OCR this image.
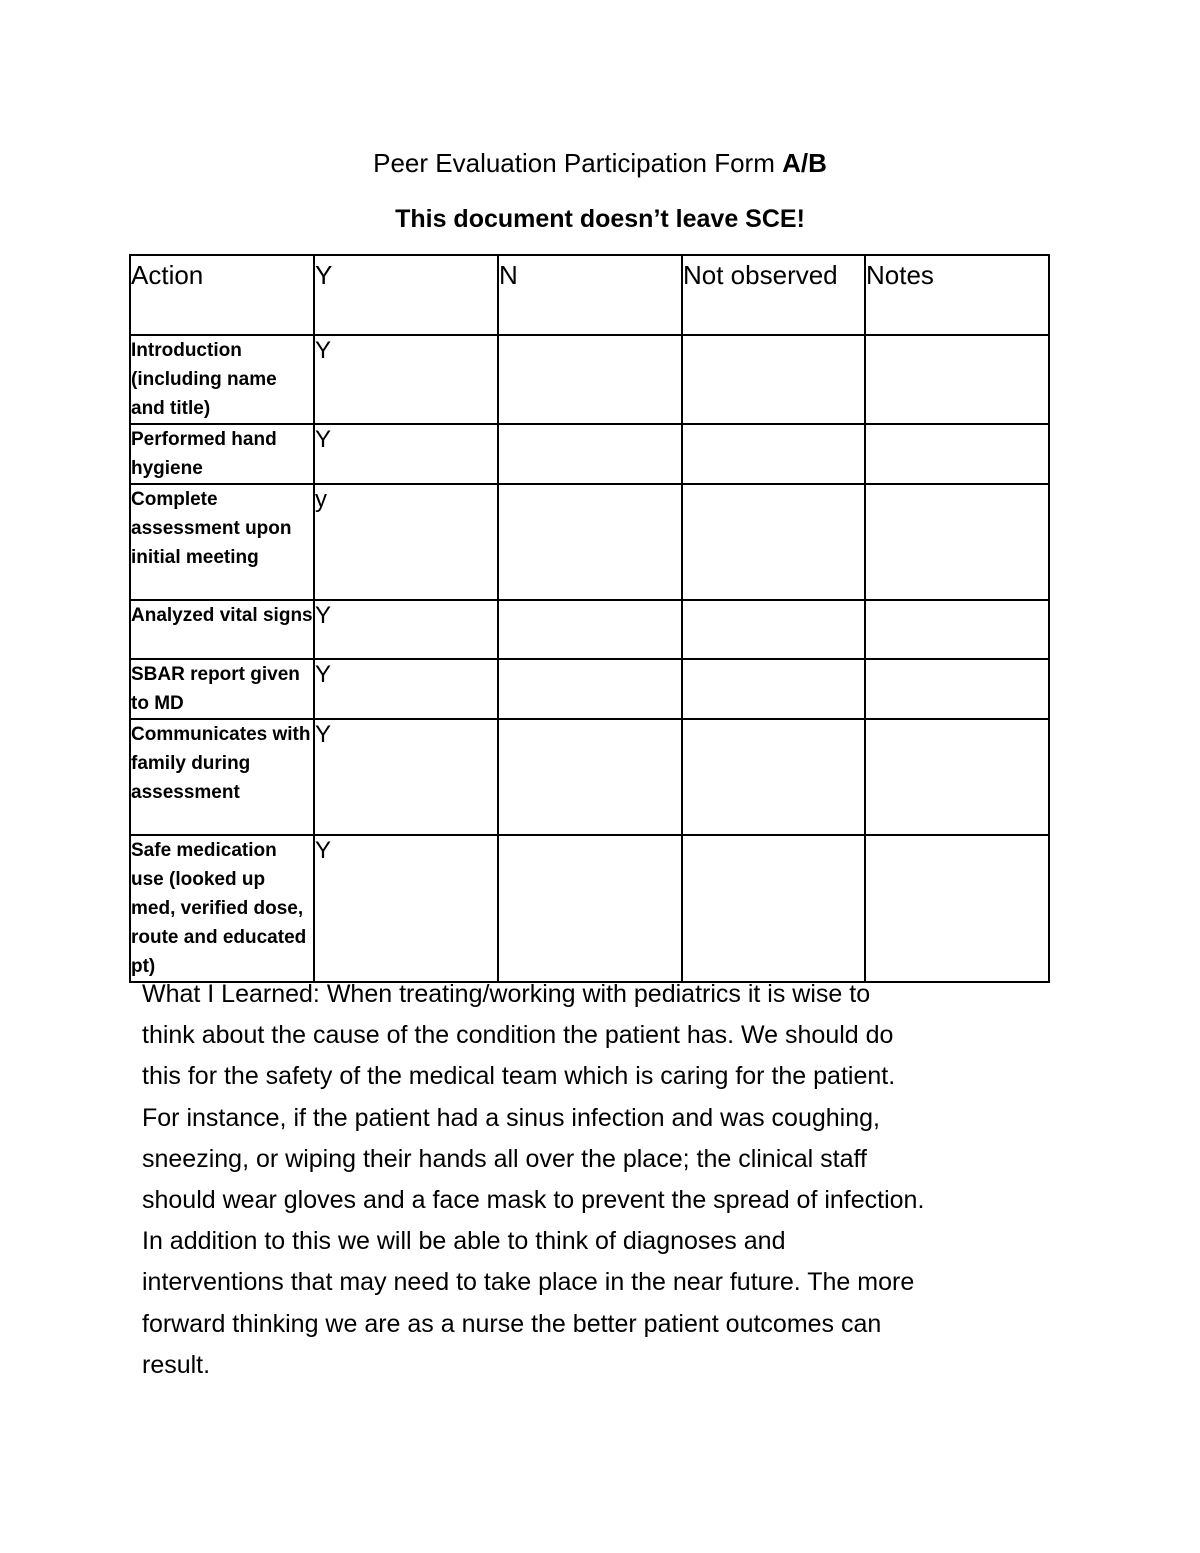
Peer Evaluation Participation Form A/B
This document doesn’t leave SCE!
Action	Y	N	Not observed	Notes
Introduction (including name and title)	Y			
Performed hand hygiene	Y			
Complete assessment upon initial meeting	y			
Analyzed vital signs	Y			
SBAR report given to MD	Y			
Communicates with family during assessment	Y			
Safe medication use (looked up med, verified dose, route and educated pt)	Y			
What I Learned: When treating/working with pediatrics it is wise to
think about the cause of the condition the patient has. We should do
this for the safety of the medical team which is caring for the patient.
For instance, if the patient had a sinus infection and was coughing,
sneezing, or wiping their hands all over the place; the clinical staff
should wear gloves and a face mask to prevent the spread of infection.
In addition to this we will be able to think of diagnoses and
interventions that may need to take place in the near future. The more
forward thinking we are as a nurse the better patient outcomes can
result.
